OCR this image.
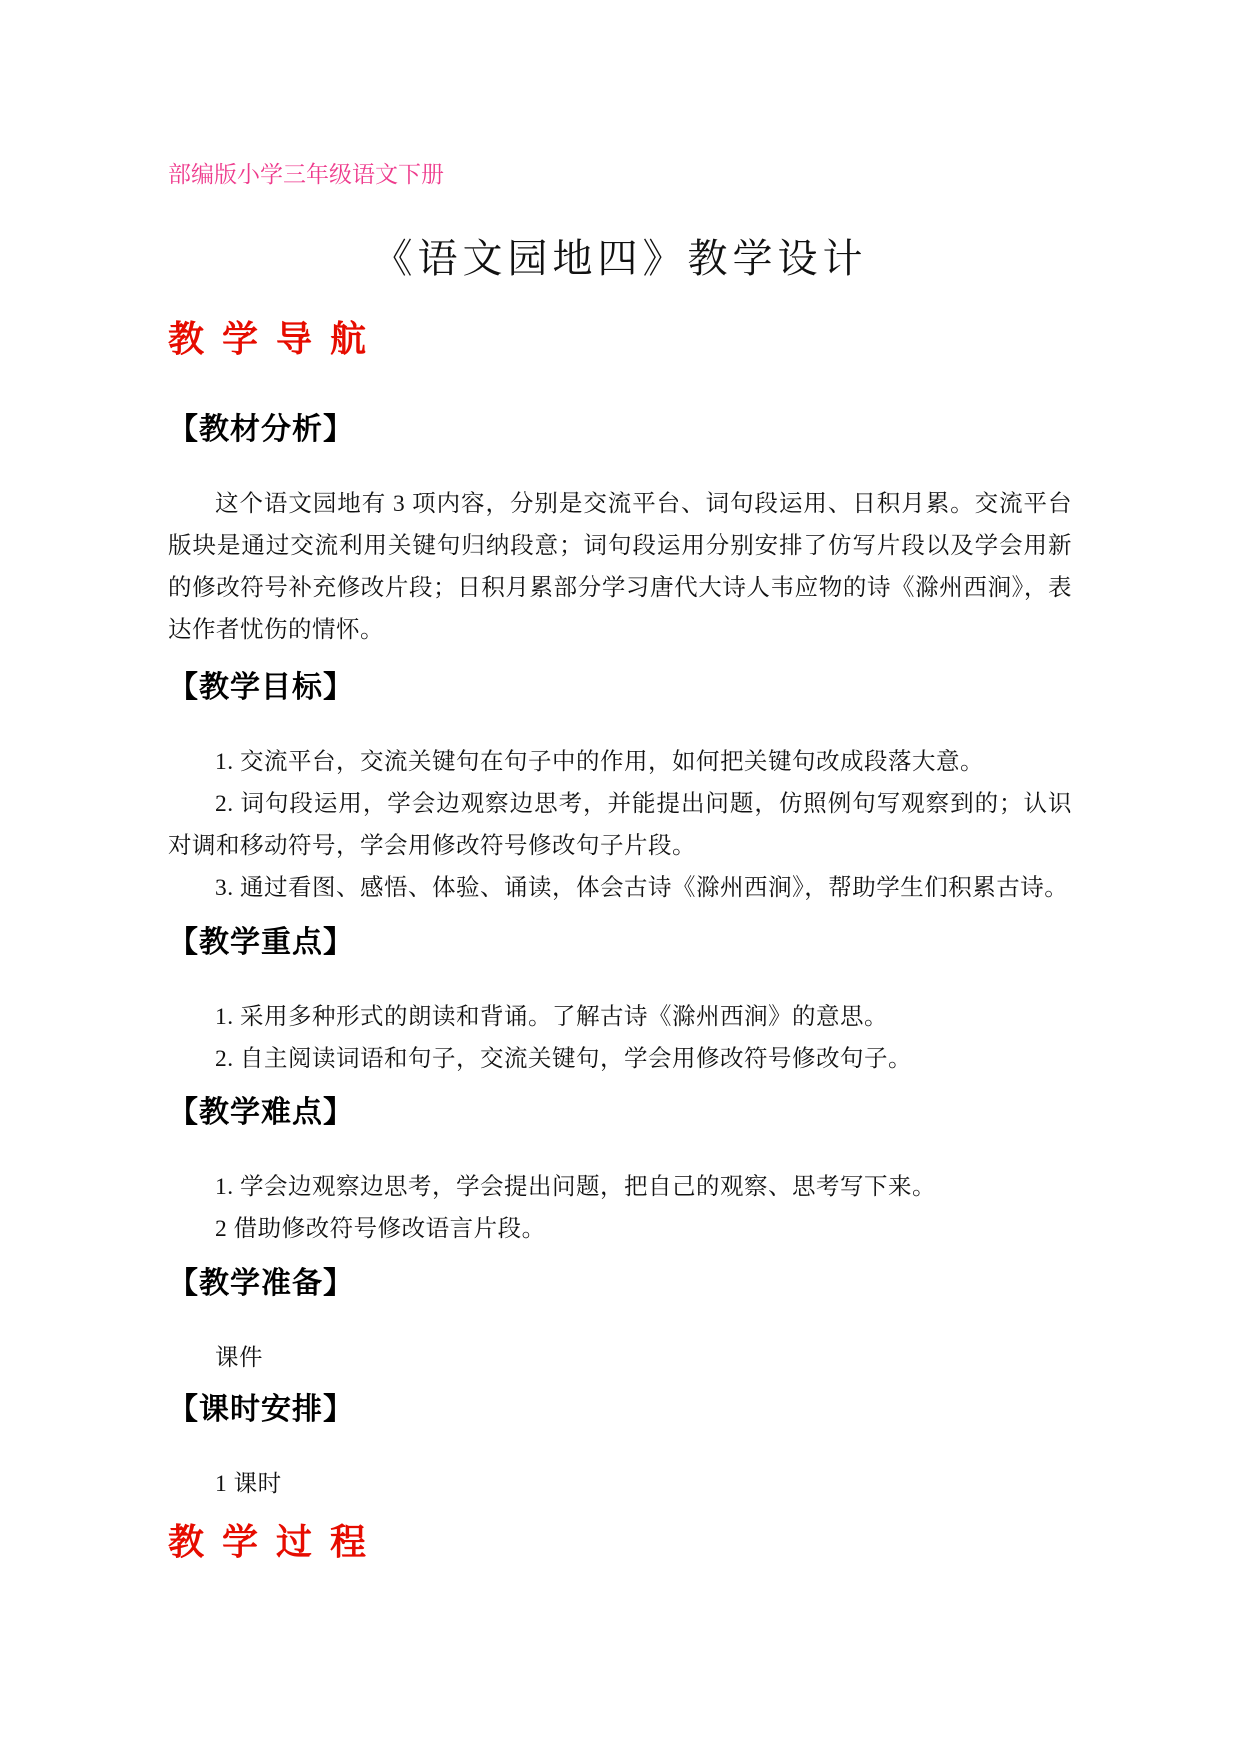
部编版小学三年级语文下册

《语文园地四》教学设计
教 学 导 航
【教材分析】

这个语文园地有 3 项内容，分别是交流平台、词句段运用、日积月累。交流平台版块是通过交流利用关键句归纳段意；词句段运用分别安排了仿写片段以及学会用新的修改符号补充修改片段；日积月累部分学习唐代大诗人韦应物的诗《滁州西涧》，表达作者忧伤的情怀。

【教学目标】

1. 交流平台，交流关键句在句子中的作用，如何把关键句改成段落大意。

2. 词句段运用，学会边观察边思考，并能提出问题，仿照例句写观察到的；认识对调和移动符号，学会用修改符号修改句子片段。

3. 通过看图、感悟、体验、诵读，体会古诗《滁州西涧》，帮助学生们积累古诗。

【教学重点】

1. 采用多种形式的朗读和背诵。了解古诗《滁州西涧》的意思。

2. 自主阅读词语和句子，交流关键句，学会用修改符号修改句子。

【教学难点】

1. 学会边观察边思考，学会提出问题，把自己的观察、思考写下来。

2 借助修改符号修改语言片段。

【教学准备】

课件

【课时安排】

1 课时

教 学 过 程
